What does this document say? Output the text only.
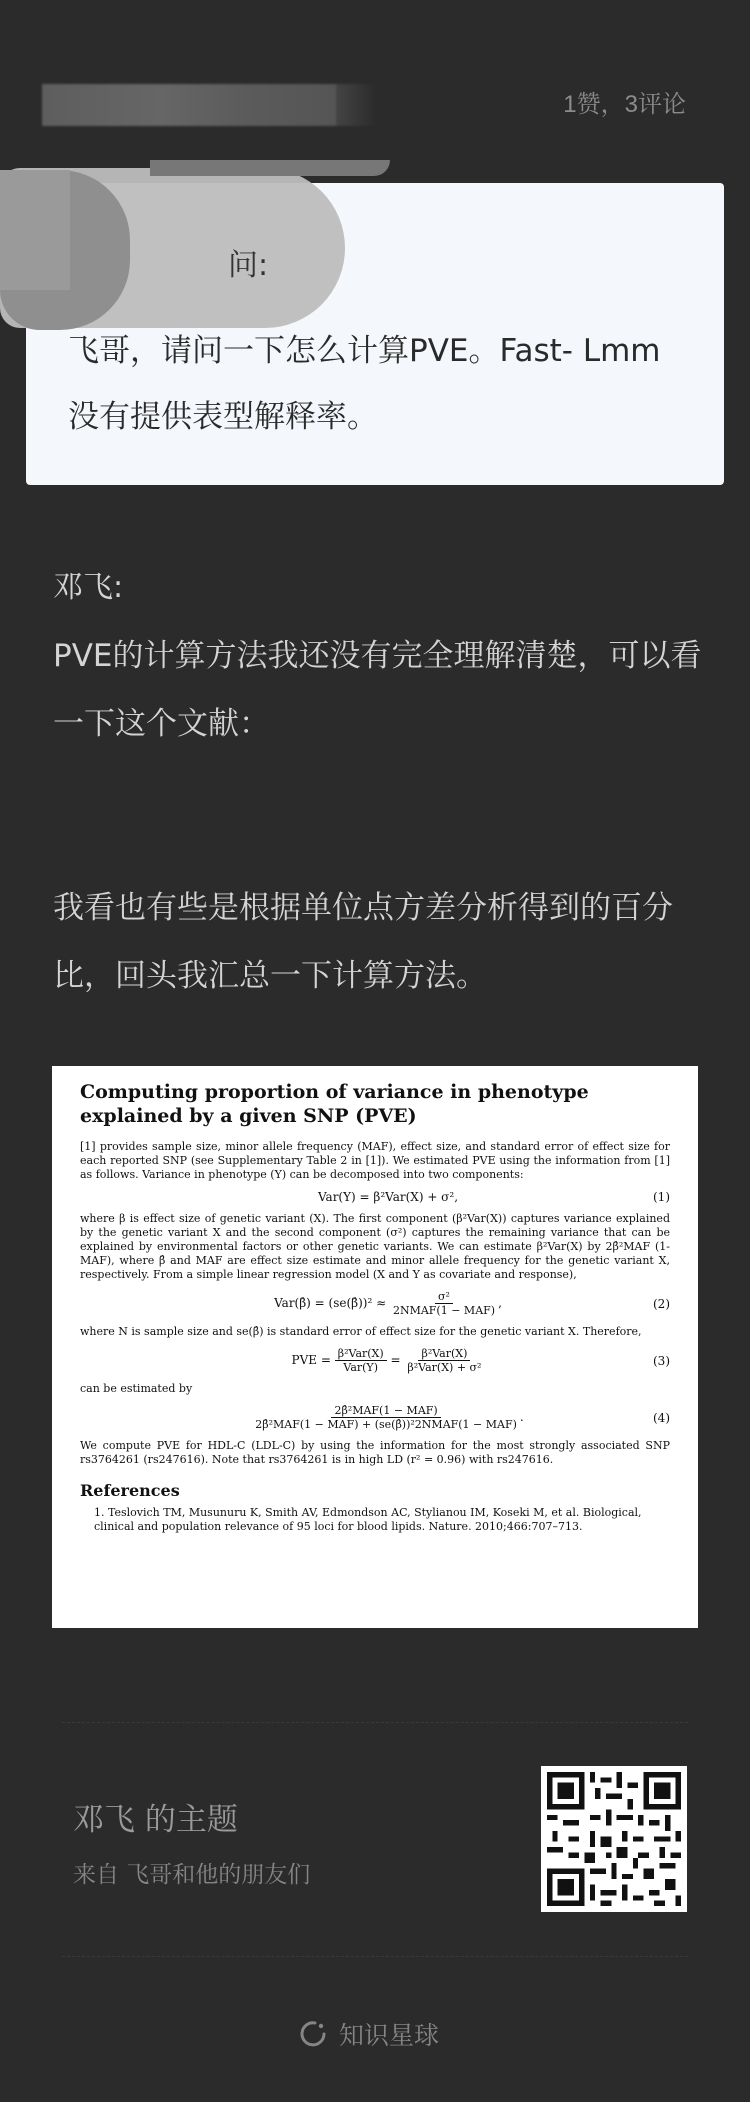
1赞，3评论
问:
飞哥，请问一下怎么计算PVE。Fast- Lmm没有提供表型解释率。
邓飞:
PVE的计算方法我还没有完全理解清楚，可以看一下这个文献：
我看也有些是根据单位点方差分析得到的百分比，回头我汇总一下计算方法。
Computing proportion of variance in phenotype explained by a given SNP (PVE)

[1] provides sample size, minor allele frequency (MAF), effect size, and standard error of effect size for each reported SNP (see Supplementary Table 2 in [1]). We estimated PVE using the information from [1] as follows. Variance in phenotype (Y) can be decomposed into two components:

Var(Y) = β²Var(X) + σ²,	(1)

where β is effect size of genetic variant (X). The first component (β²Var(X)) captures variance explained by the genetic variant X and the second component (σ²) captures the remaining variance that can be explained by environmental factors or other genetic variants. We can estimate β²Var(X) by 2β̂²MAF (1-MAF), where β̂ and MAF are effect size estimate and minor allele frequency for the genetic variant X, respectively. From a simple linear regression model (X and Y as covariate and response),

Var(β̂) = (se(β̂))² ≈ $\frac{\text{σ²}}{\text{2NMAF(1 − MAF)}}$ ,	(2)

where N is sample size and se(β̂) is standard error of effect size for the genetic variant X. Therefore,

PVE = $\frac{\text{β²Var(X)}}{\text{Var(Y)}} = \frac{\text{β²Var(X)}}{\text{β²Var(X) + σ²}}$	(3)

can be estimated by

$\frac{\text{2β̂²MAF(1 − MAF)}}{\text{2β̂²MAF(1 − MAF) + (se(β̂))²2NMAF(1 − MAF)}}$ .	(4)

We compute PVE for HDL-C (LDL-C) by using the information for the most strongly associated SNP rs3764261 (rs247616). Note that rs3764261 is in high LD (r² = 0.96) with rs247616.

References
1. Teslovich TM, Musunuru K, Smith AV, Edmondson AC, Stylianou IM, Koseki M, et al. Biological, clinical and population relevance of 95 loci for blood lipids. Nature. 2010;466:707–713.
邓飞 的主题
来自 飞哥和他的朋友们
知识星球
